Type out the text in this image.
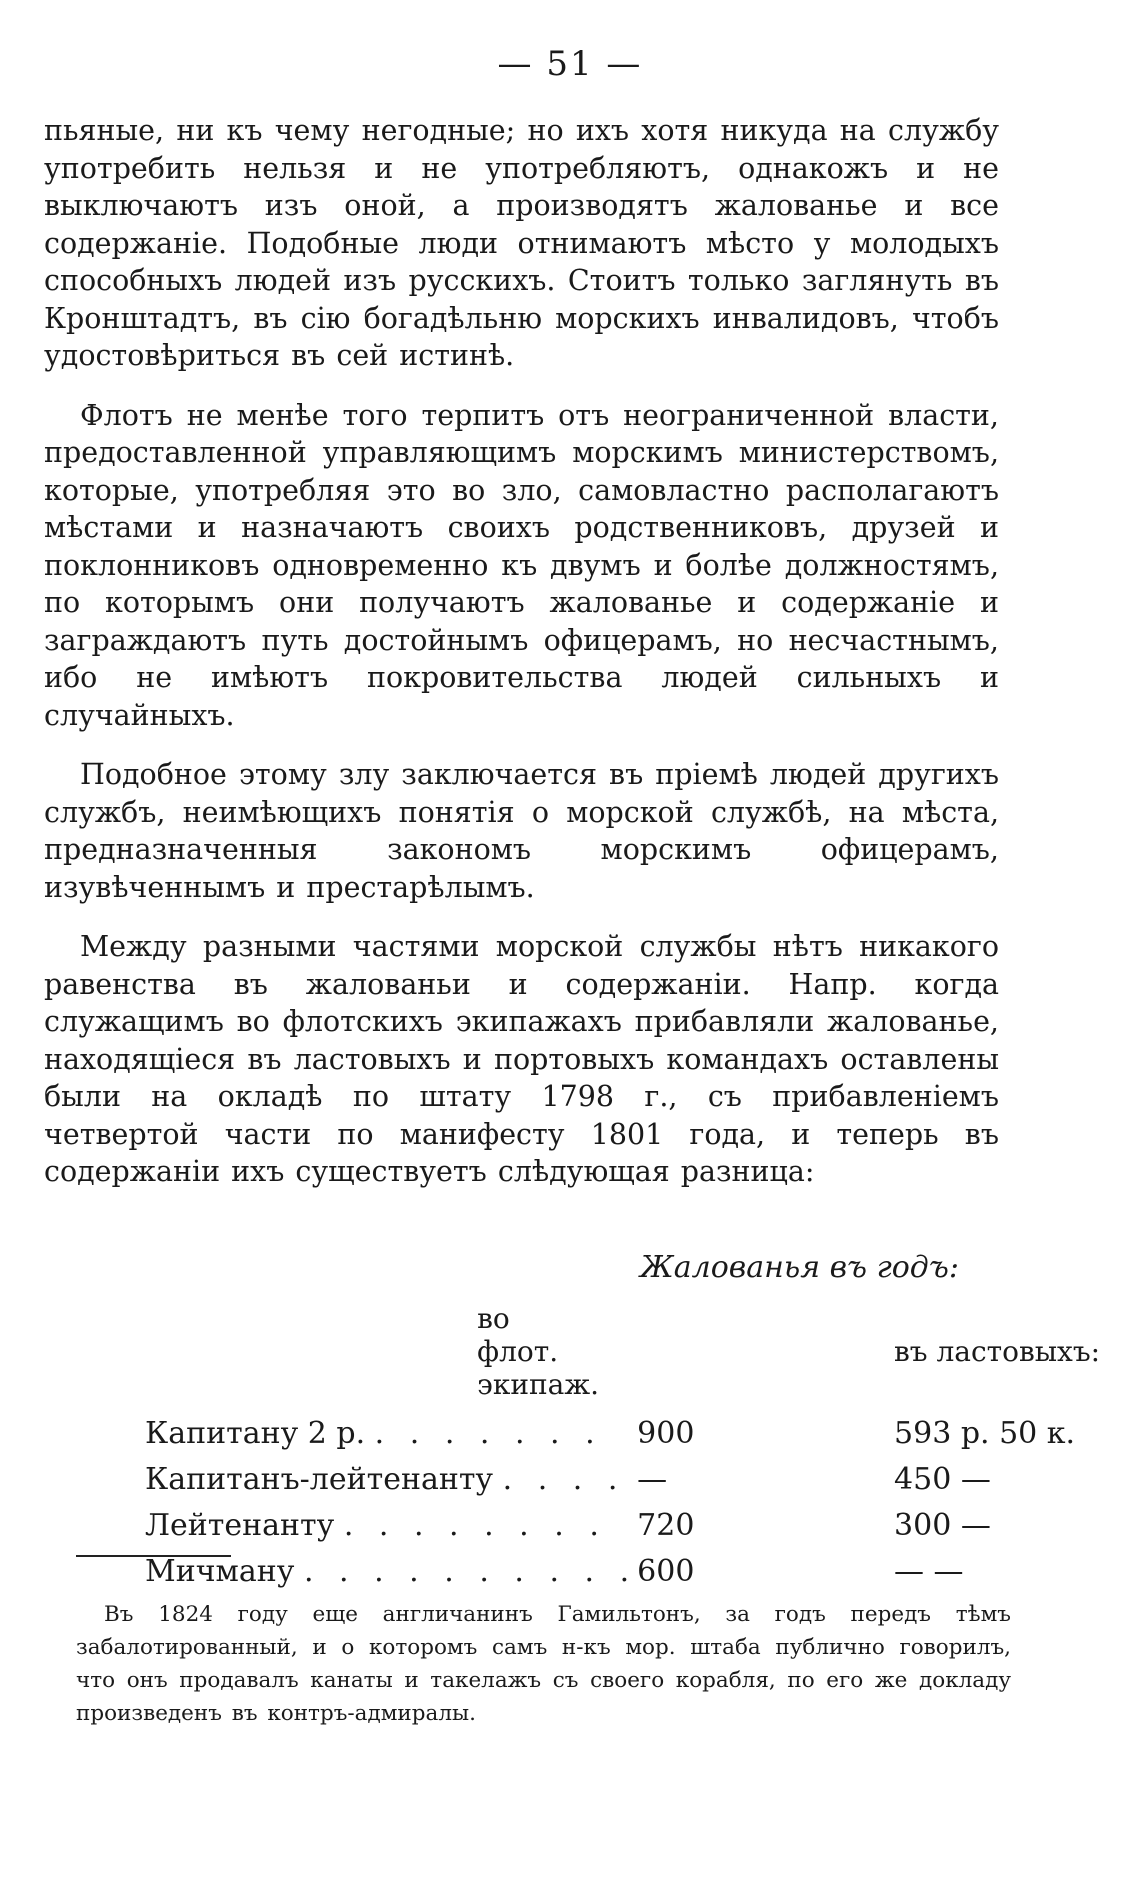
— 51 —

пьяные, ни къ чему негодные; но ихъ хотя никуда на службу употребить нельзя и не употребляютъ, однакожъ и не выключаютъ изъ оной, а производятъ жалованье и все содержаніе. Подобные люди отнимаютъ мѣсто у молодыхъ способныхъ людей изъ русскихъ. Стоитъ только заглянуть въ Кронштадтъ, въ сію богадѣльню морскихъ инвалидовъ, чтобъ удостовѣриться въ сей истинѣ.

Флотъ не менѣе того терпитъ отъ неограниченной власти, предоставленной управляющимъ морскимъ министерствомъ, которые, употребляя это во зло, самовластно располагаютъ мѣстами и назначаютъ своихъ родственниковъ, друзей и поклонниковъ одновременно къ двумъ и болѣе должностямъ, по которымъ они получаютъ жалованье и содержаніе и заграждаютъ путь достойнымъ офицерамъ, но несчастнымъ, ибо не имѣютъ покровительства людей сильныхъ и случайныхъ.

Подобное этому злу заключается въ пріемѣ людей другихъ службъ, неимѣющихъ понятія о морской службѣ, на мѣста, предназначенныя закономъ морскимъ офицерамъ, изувѣченнымъ и престарѣлымъ.

Между разными частями морской службы нѣтъ никакого равенства въ жалованьи и содержаніи. Напр. когда служащимъ во флотскихъ экипажахъ прибавляли жалованье, находящіеся въ ластовыхъ и портовыхъ командахъ оставлены были на окладѣ по штату 1798 г., съ прибавленіемъ четвертой части по манифесту 1801 года, и теперь въ содержаніи ихъ существуетъ слѣдующая разница:

Жалованья въ годъ:
	во флот. экипаж.	въ ластовыхъ:
Капитану 2 р. . . . . . . .	900	593 р. 50 к.
Капитанъ-лейтенанту . . . .	—	450 —
Лейтенанту . . . . . . . .	720	300 —
Мичману . . . . . . . . . .	600	— —

Въ 1824 году еще англичанинъ Гамильтонъ, за годъ передъ тѣмъ забалотированный, и о которомъ самъ н-къ мор. штаба публично говорилъ, что онъ продавалъ канаты и такелажъ съ своего корабля, по его же докладу произведенъ въ контръ-адмиралы.
